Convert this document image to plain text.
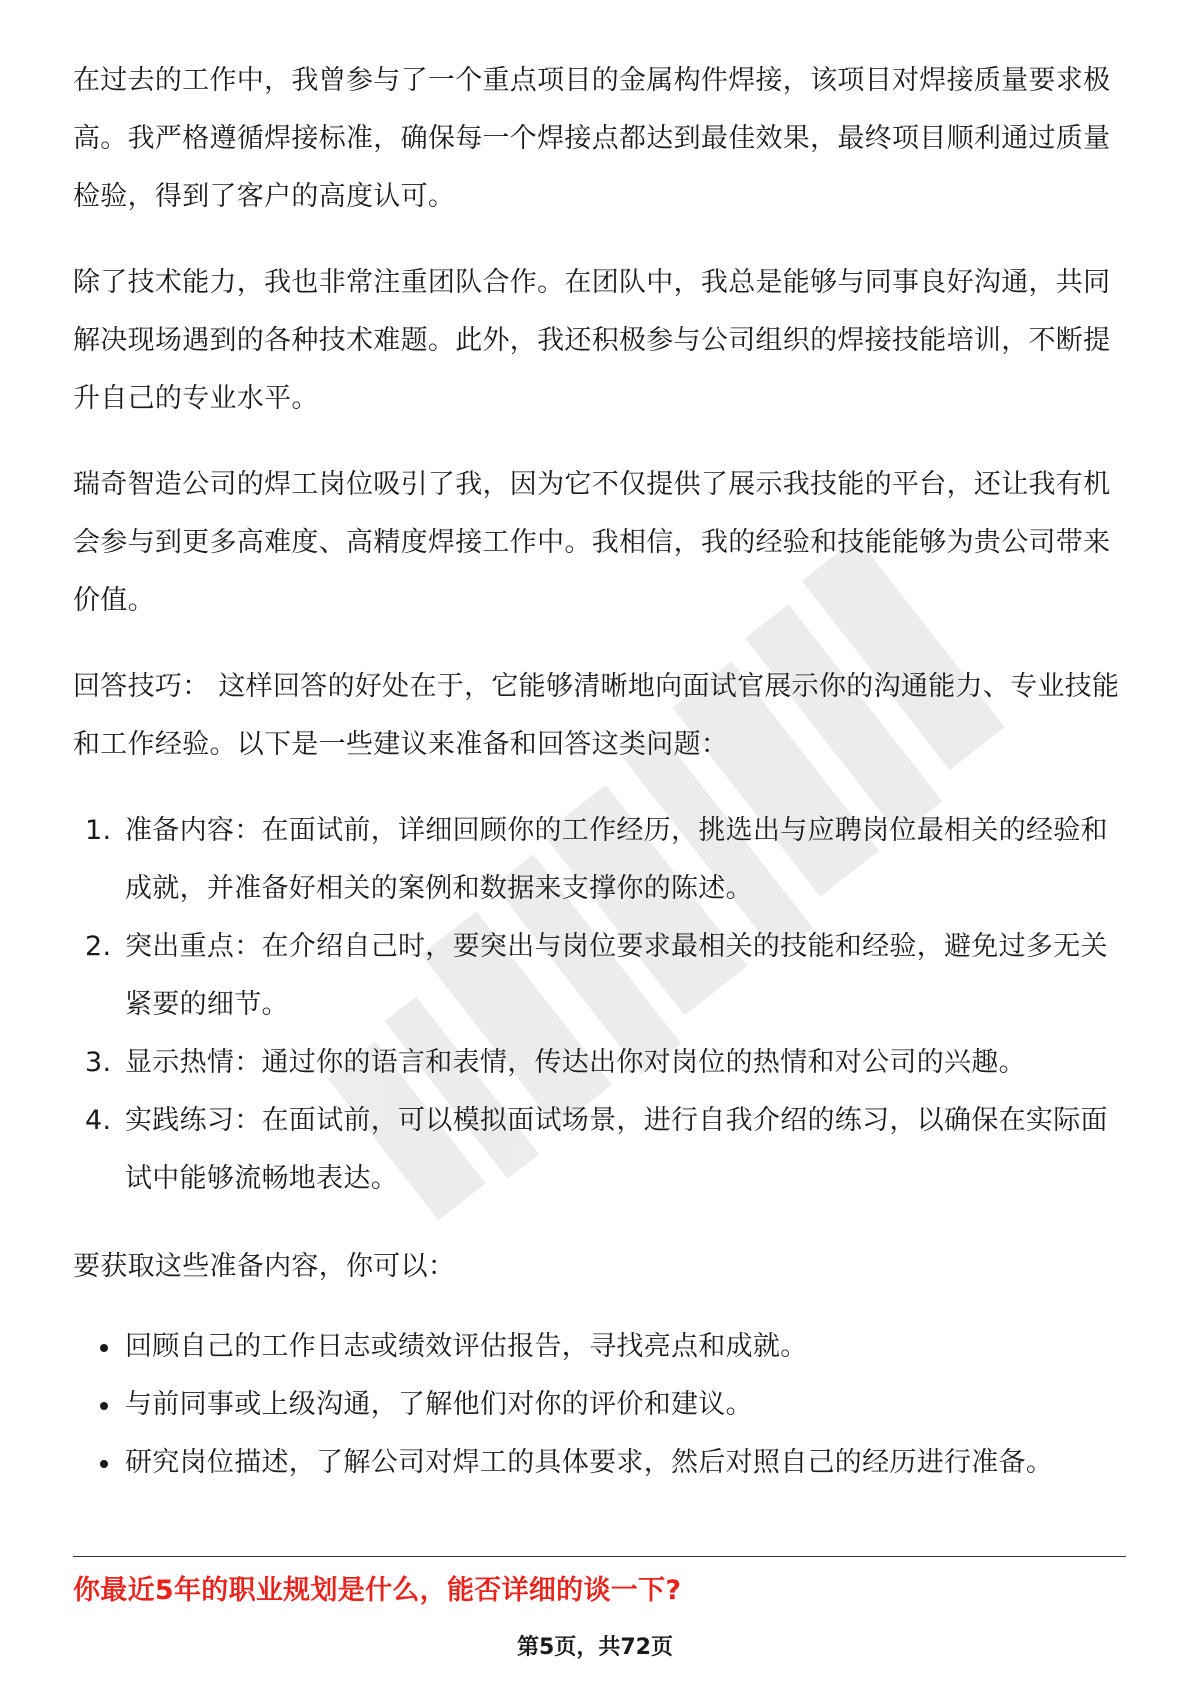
在过去的工作中，我曾参与了一个重点项目的金属构件焊接，该项目对焊接质量要求极高。我严格遵循焊接标准，确保每一个焊接点都达到最佳效果，最终项目顺利通过质量检验，得到了客户的高度认可。

除了技术能力，我也非常注重团队合作。在团队中，我总是能够与同事良好沟通，共同解决现场遇到的各种技术难题。此外，我还积极参与公司组织的焊接技能培训，不断提升自己的专业水平。

瑞奇智造公司的焊工岗位吸引了我，因为它不仅提供了展示我技能的平台，还让我有机会参与到更多高难度、高精度焊接工作中。我相信，我的经验和技能能够为贵公司带来价值。

回答技巧： 这样回答的好处在于，它能够清晰地向面试官展示你的沟通能力、专业技能和工作经验。以下是一些建议来准备和回答这类问题：

1. 准备内容：在面试前，详细回顾你的工作经历，挑选出与应聘岗位最相关的经验和成就，并准备好相关的案例和数据来支撑你的陈述。
2. 突出重点：在介绍自己时，要突出与岗位要求最相关的技能和经验，避免过多无关紧要的细节。
3. 显示热情：通过你的语言和表情，传达出你对岗位的热情和对公司的兴趣。
4. 实践练习：在面试前，可以模拟面试场景，进行自我介绍的练习，以确保在实际面试中能够流畅地表达。

要获取这些准备内容，你可以：

回顾自己的工作日志或绩效评估报告，寻找亮点和成就。
与前同事或上级沟通，了解他们对你的评价和建议。
研究岗位描述，了解公司对焊工的具体要求，然后对照自己的经历进行准备。
你最近5年的职业规划是什么，能否详细的谈一下?
第5页，共72页
